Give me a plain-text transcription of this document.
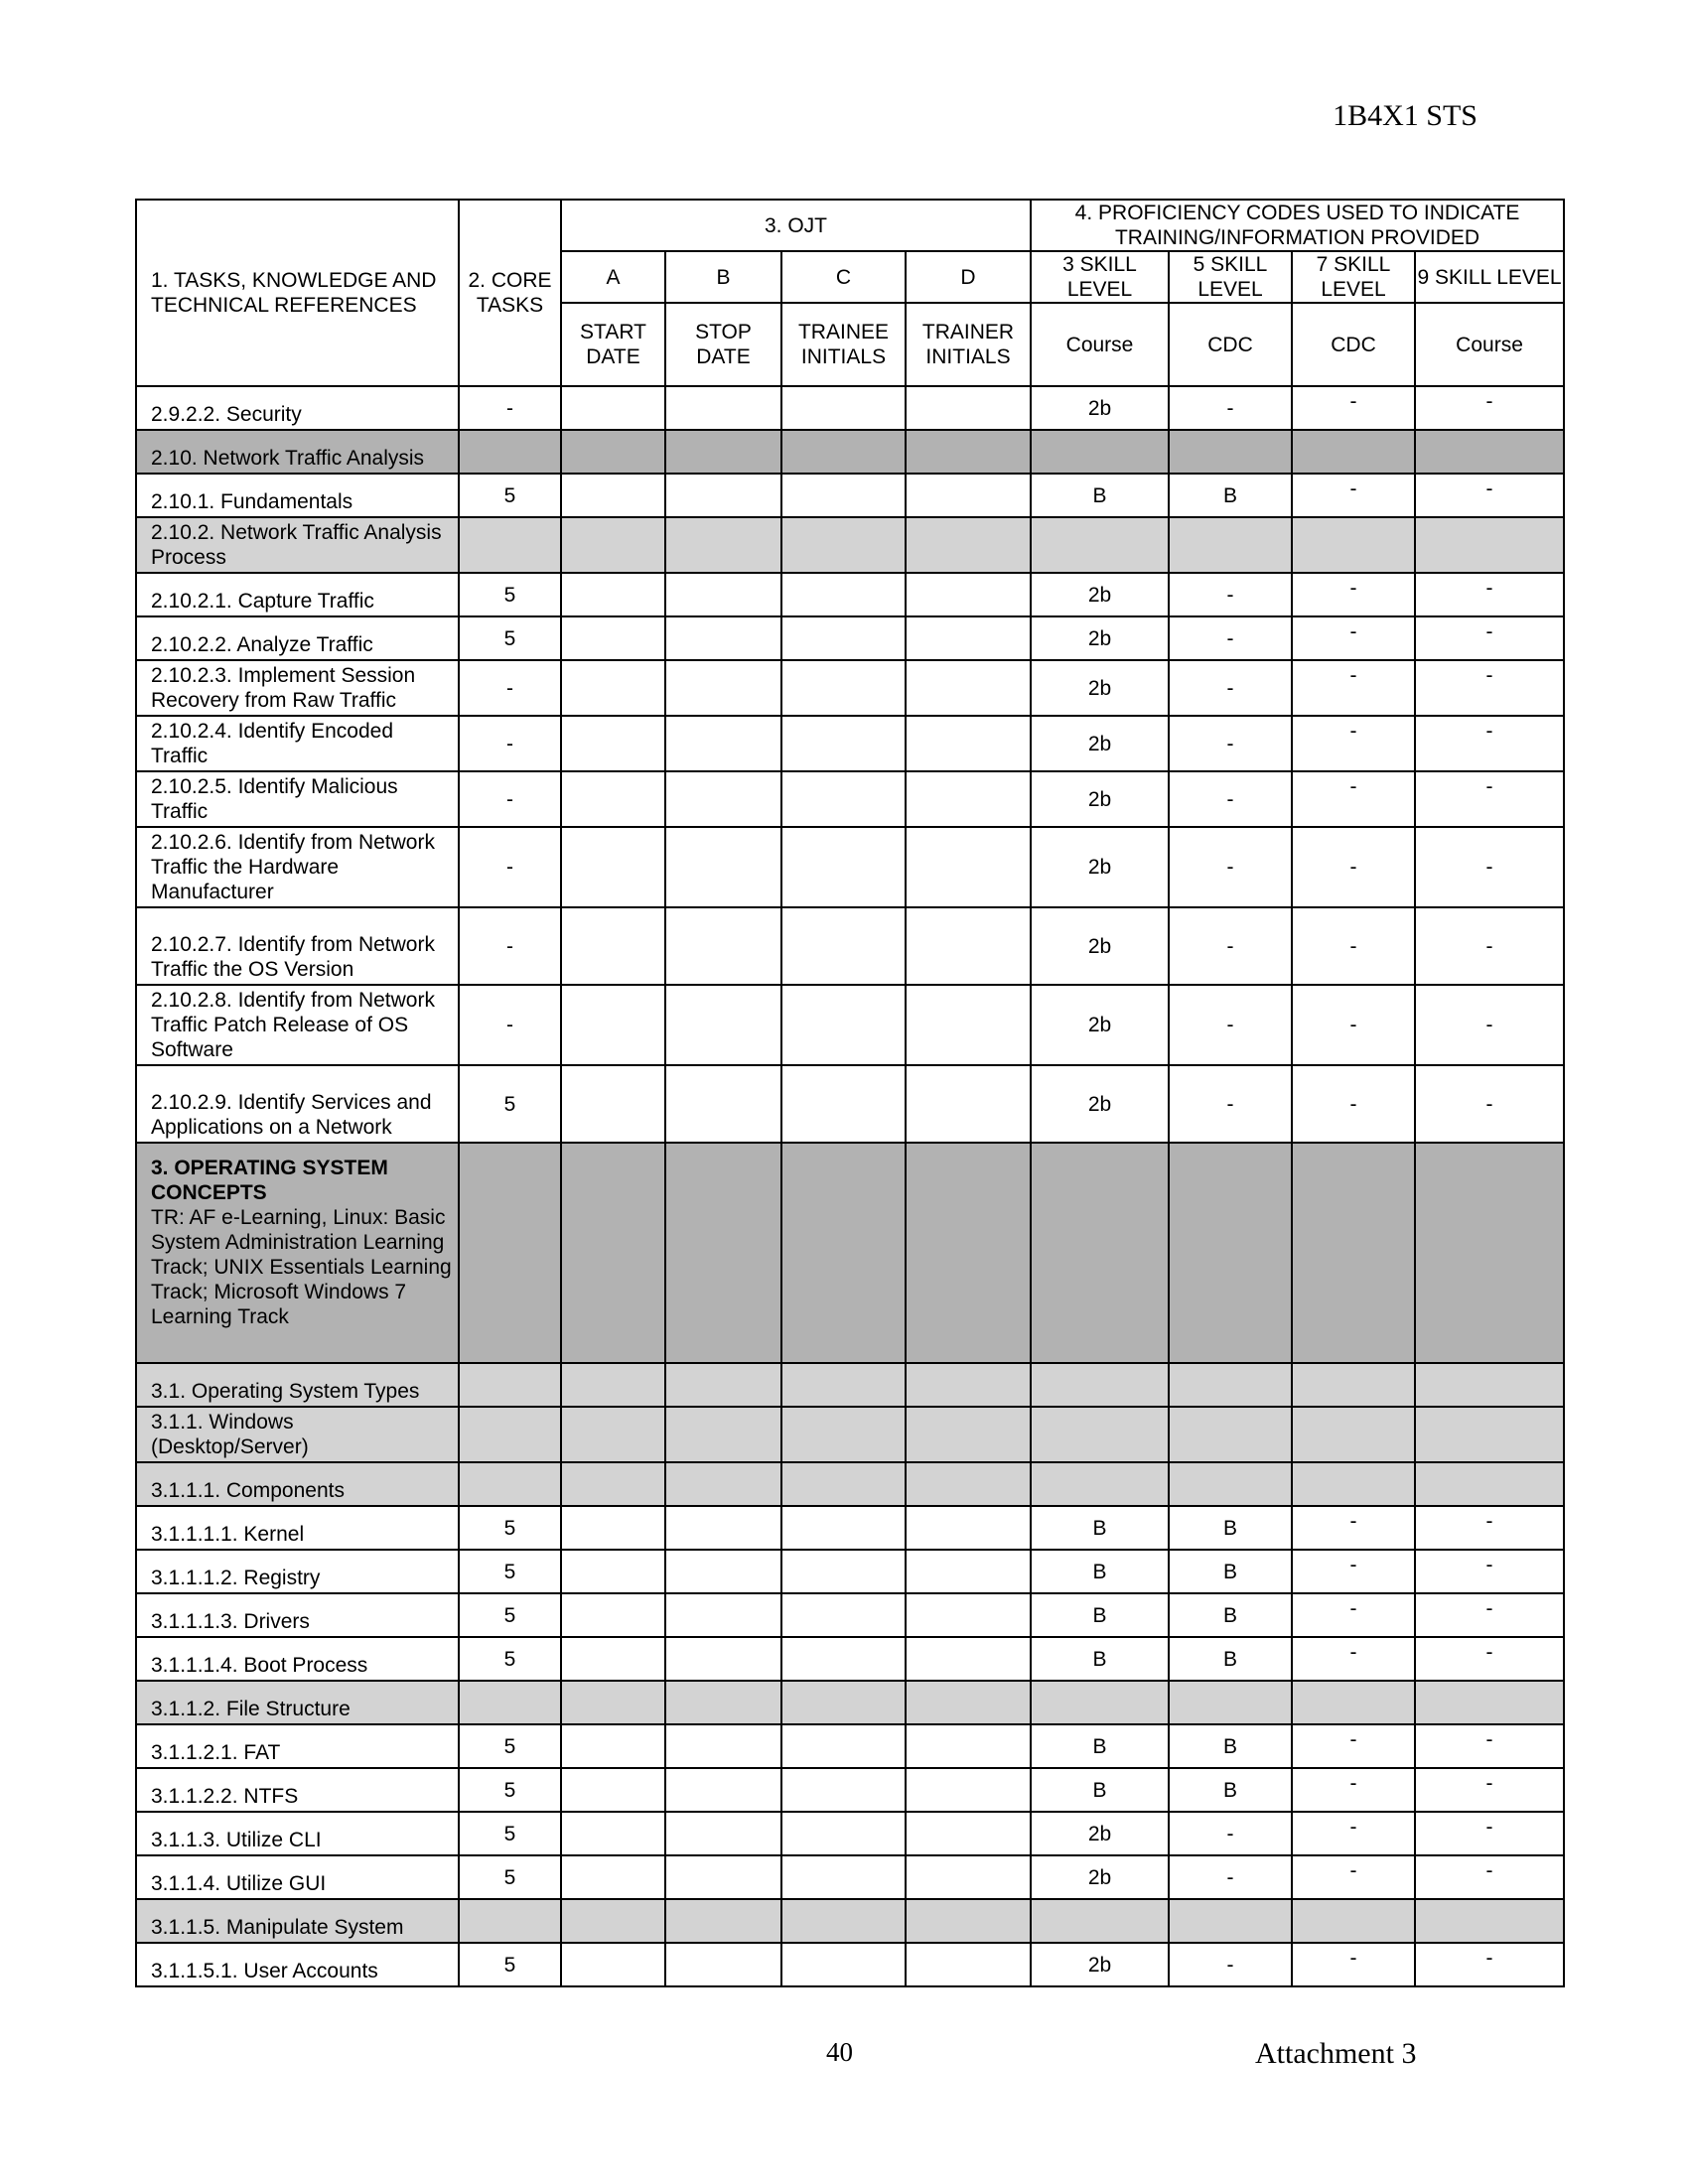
1B4X1 STS
1. TASKS, KNOWLEDGE AND TECHNICAL REFERENCES	2. CORE TASKS	3. OJT				4. PROFICIENCY CODES USED TO INDICATE TRAINING/INFORMATION PROVIDED			
		A	B	C	D	3 SKILL LEVEL	5 SKILL LEVEL	7 SKILL LEVEL	9 SKILL LEVEL
		START DATE	STOP DATE	TRAINEE INITIALS	TRAINER INITIALS	Course	CDC	CDC	Course
2.9.2.2. Security	-					2b	-	-	-
2.10. Network Traffic Analysis									
2.10.1. Fundamentals	5					B	B	-	-
2.10.2. Network Traffic Analysis Process									
2.10.2.1. Capture Traffic	5					2b	-	-	-
2.10.2.2. Analyze Traffic	5					2b	-	-	-
2.10.2.3. Implement Session Recovery from Raw Traffic	-					2b	-	-	-
2.10.2.4. Identify Encoded Traffic	-					2b	-	-	-
2.10.2.5. Identify Malicious Traffic	-					2b	-	-	-
2.10.2.6. Identify from Network Traffic the Hardware Manufacturer	-					2b	-	-	-
2.10.2.7. Identify from Network Traffic the OS Version	-					2b	-	-	-
2.10.2.8. Identify from Network Traffic Patch Release of OS Software	-					2b	-	-	-
2.10.2.9. Identify Services and Applications on a Network	5					2b	-	-	-

3. OPERATING SYSTEM CONCEPTS
TR: AF e-Learning, Linux: Basic System Administration Learning Track; UNIX Essentials Learning Track; Microsoft Windows 7 Learning Track									

3.1. Operating System Types									
3.1.1. Windows (Desktop/Server)									
3.1.1.1. Components									
3.1.1.1.1. Kernel	5					B	B	-	-
3.1.1.1.2. Registry	5					B	B	-	-
3.1.1.1.3. Drivers	5					B	B	-	-
3.1.1.1.4. Boot Process	5					B	B	-	-
3.1.1.2. File Structure									
3.1.1.2.1. FAT	5					B	B	-	-
3.1.1.2.2. NTFS	5					B	B	-	-
3.1.1.3. Utilize CLI	5					2b	-	-	-
3.1.1.4. Utilize GUI	5					2b	-	-	-
3.1.1.5. Manipulate System									
3.1.1.5.1. User Accounts	5					2b	-	-	-
40	Attachment 3
